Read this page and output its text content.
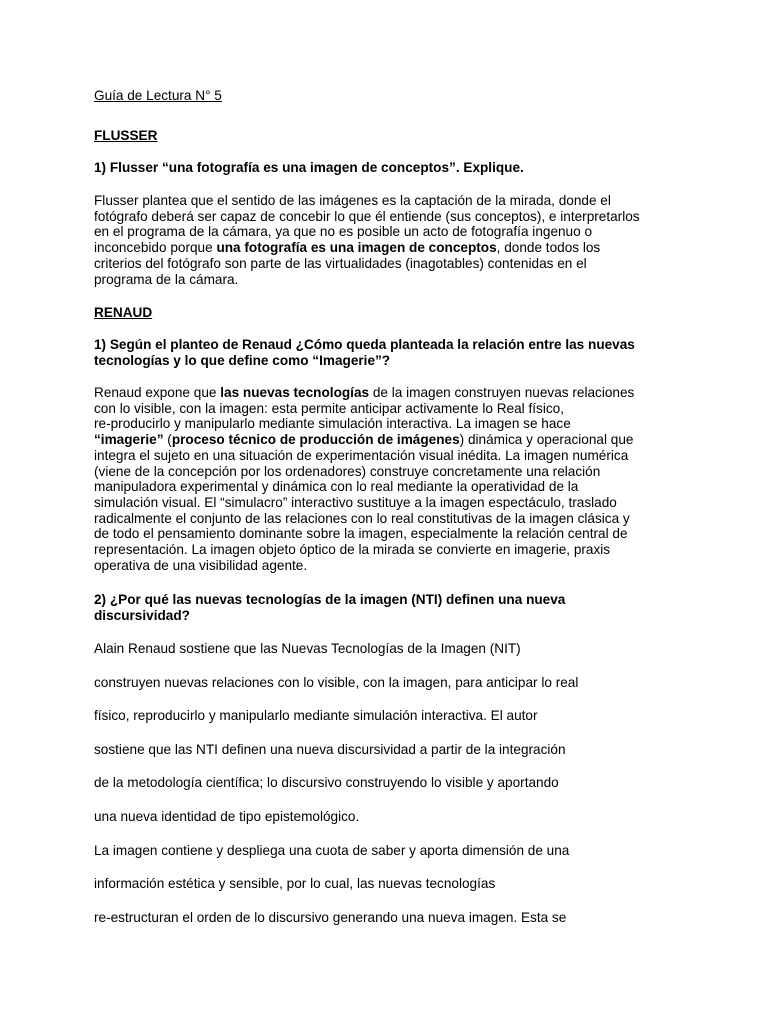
Guía de Lectura N° 5
FLUSSER
1) Flusser “una fotografía es una imagen de conceptos”. Explique.
Flusser plantea que el sentido de las imágenes es la captación de la mirada, donde el
fotógrafo deberá ser capaz de concebir lo que él entiende (sus conceptos), e interpretarlos
en el programa de la cámara, ya que no es posible un acto de fotografía ingenuo o
inconcebido porque una fotografía es una imagen de conceptos, donde todos los
criterios del fotógrafo son parte de las virtualidades (inagotables) contenidas en el
programa de la cámara.
RENAUD
1) Según el planteo de Renaud ¿Cómo queda planteada la relación entre las nuevas
tecnologías y lo que define como “Imagerie”?
Renaud expone que las nuevas tecnologías de la imagen construyen nuevas relaciones
con lo visible, con la imagen: esta permite anticipar activamente lo Real físico,
re-producirlo y manipularlo mediante simulación interactiva. La imagen se hace
“imagerie” (proceso técnico de producción de imágenes) dinámica y operacional que
integra el sujeto en una situación de experimentación visual inédita. La imagen numérica
(viene de la concepción por los ordenadores) construye concretamente una relación
manipuladora experimental y dinámica con lo real mediante la operatividad de la
simulación visual. El “simulacro” interactivo sustituye a la imagen espectáculo, traslado
radicalmente el conjunto de las relaciones con lo real constitutivas de la imagen clásica y
de todo el pensamiento dominante sobre la imagen, especialmente la relación central de
representación. La imagen objeto óptico de la mirada se convierte en imagerie, praxis
operativa de una visibilidad agente.
2) ¿Por qué las nuevas tecnologías de la imagen (NTI) definen una nueva
discursividad?
Alain Renaud sostiene que las Nuevas Tecnologías de la Imagen (NIT)
construyen nuevas relaciones con lo visible, con la imagen, para anticipar lo real
físico, reproducirlo y manipularlo mediante simulación interactiva. El autor
sostiene que las NTI definen una nueva discursividad a partir de la integración
de la metodología científica; lo discursivo construyendo lo visible y aportando
una nueva identidad de tipo epistemológico.
La imagen contiene y despliega una cuota de saber y aporta dimensión de una
información estética y sensible, por lo cual, las nuevas tecnologías
re-estructuran el orden de lo discursivo generando una nueva imagen. Esta se
